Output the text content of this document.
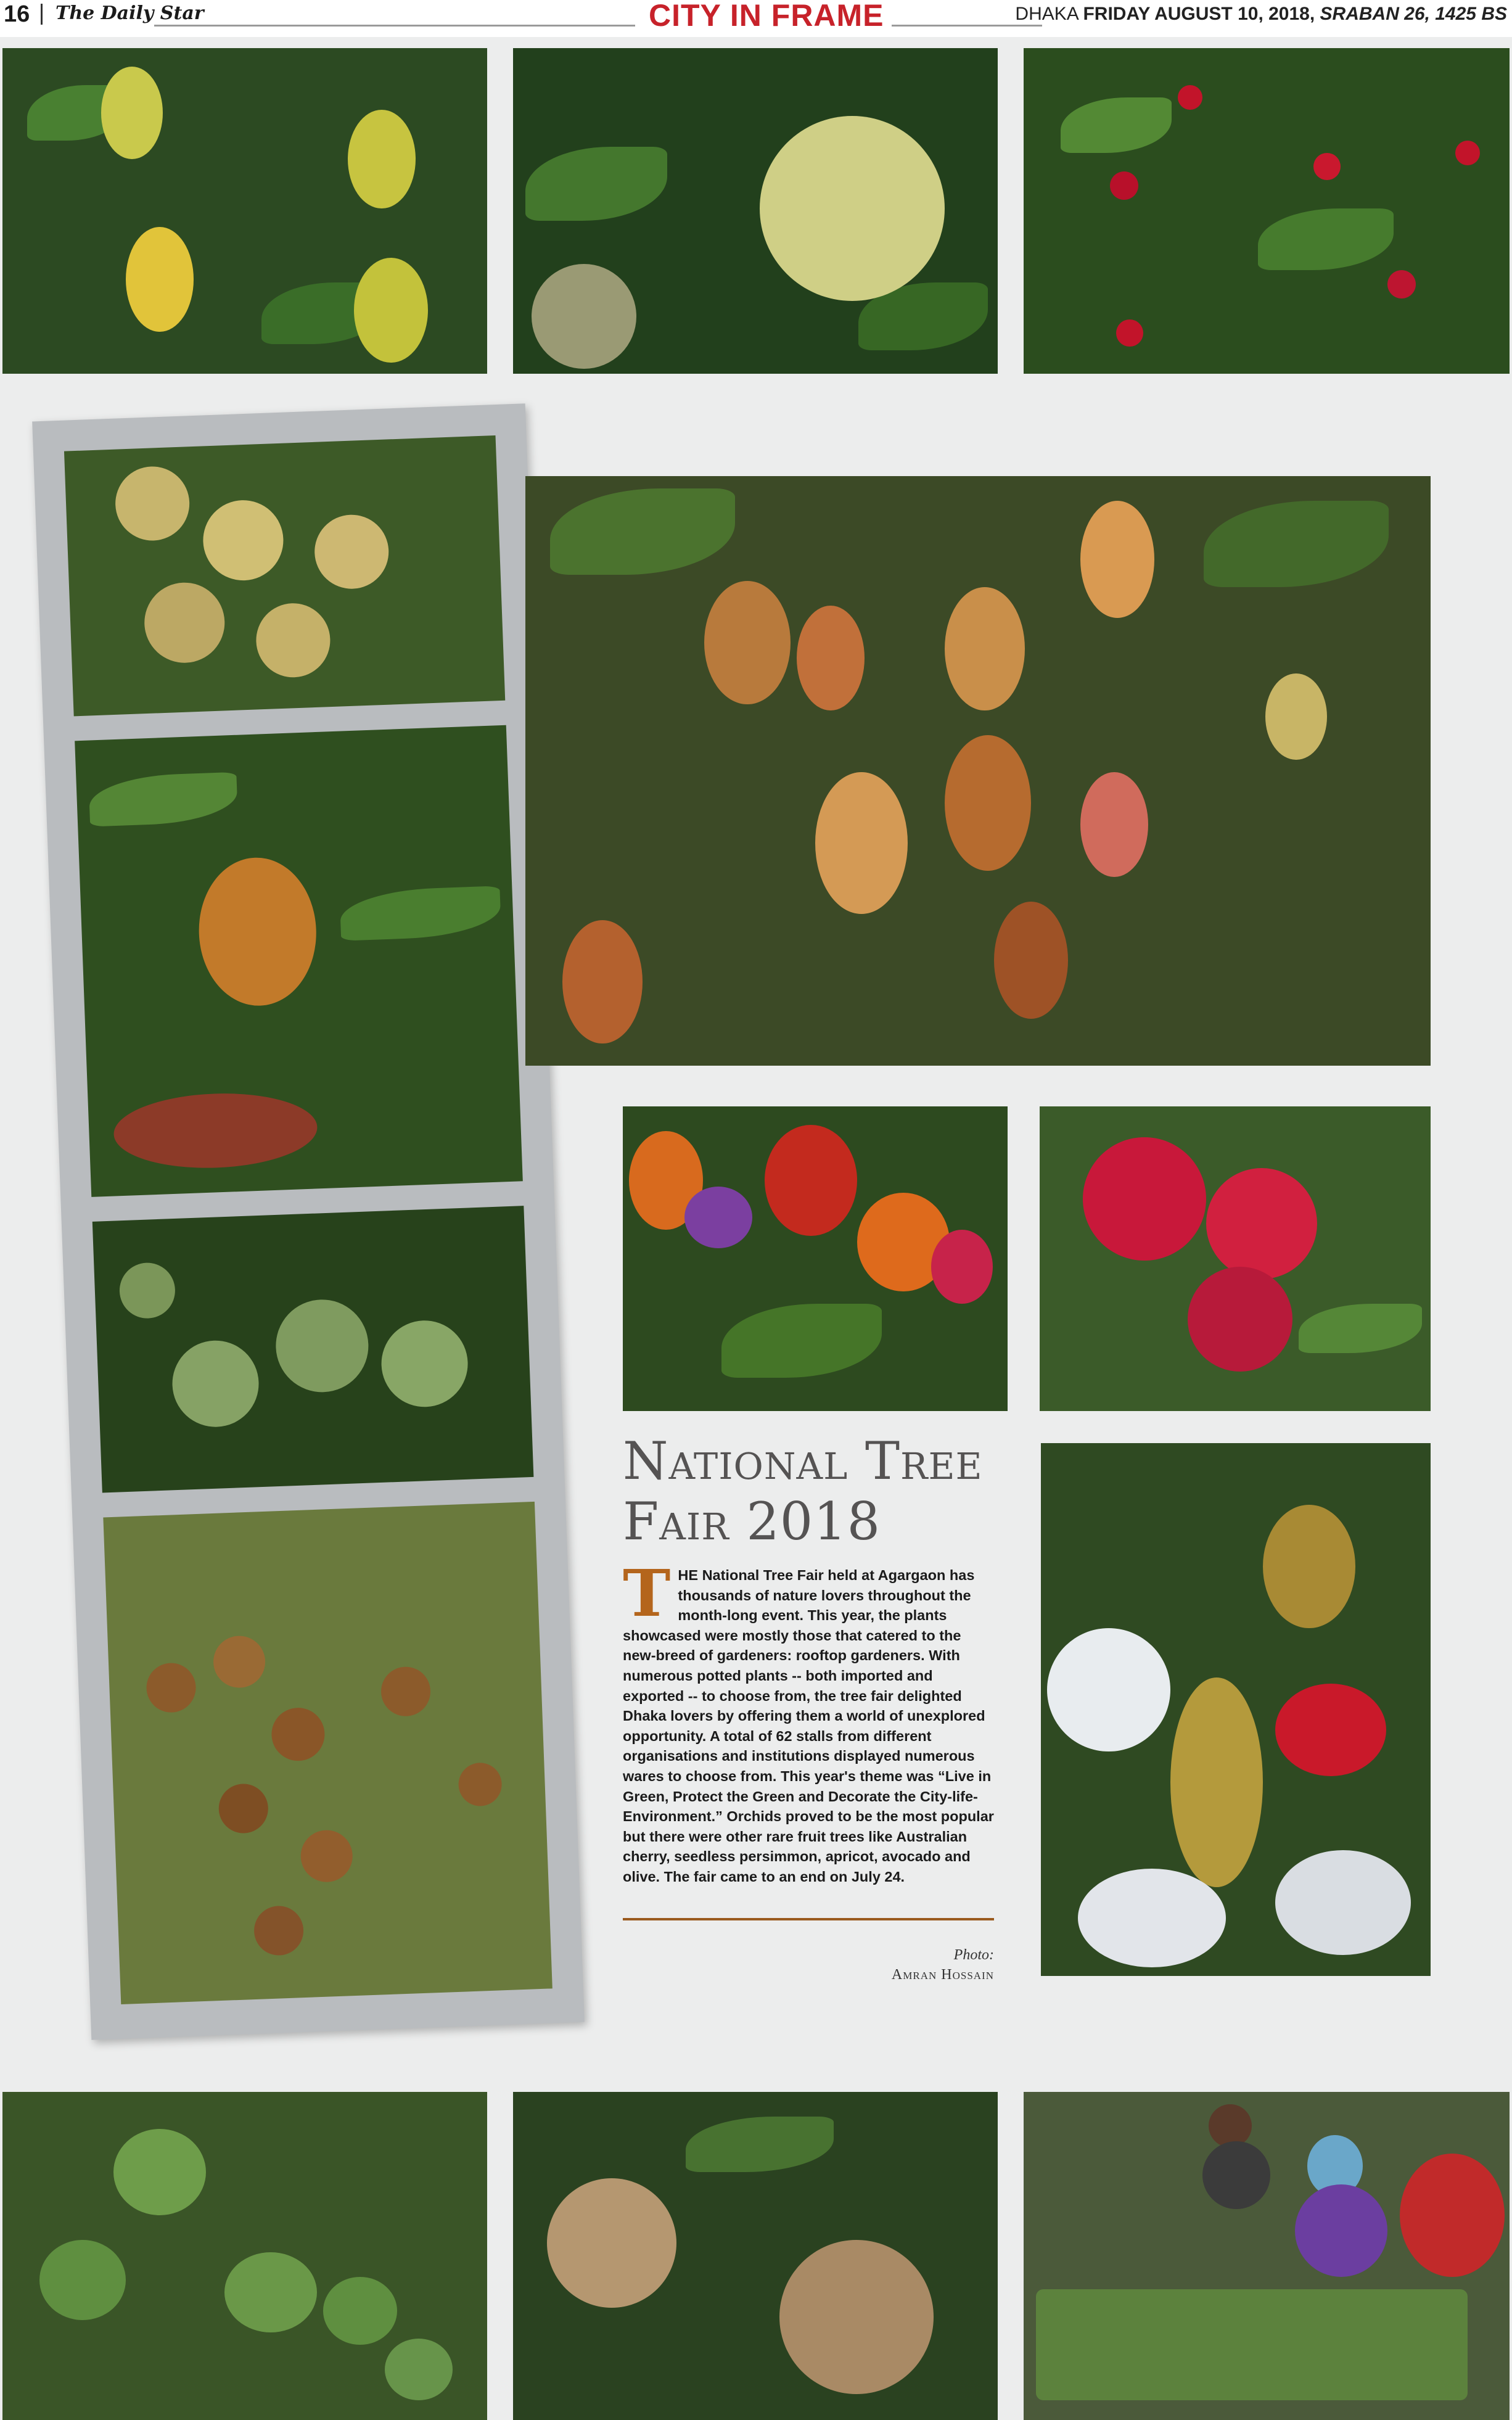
16 The Daily Star	CITY IN FRAME	DHAKA FRIDAY AUGUST 10, 2018, SRABAN 26, 1425 BS
National Tree
Fair 2018
T HE National Tree Fair held at Agargaon has thousands of nature lovers throughout the month-long event. This year, the plants showcased were mostly those that catered to the new-breed of gardeners: rooftop gardeners. With numerous potted plants -- both imported and exported -- to choose from, the tree fair delighted Dhaka lovers by offering them a world of unexplored opportunity. A total of 62 stalls from different organisations and institutions displayed numerous wares to choose from. This year's theme was “Live in Green, Protect the Green and Decorate the City-life-Environment.” Orchids proved to be the most popular but there were other rare fruit trees like Australian cherry, seedless persimmon, apricot, avocado and olive. The fair came to an end on July 24.
Photo:
Amran Hossain
